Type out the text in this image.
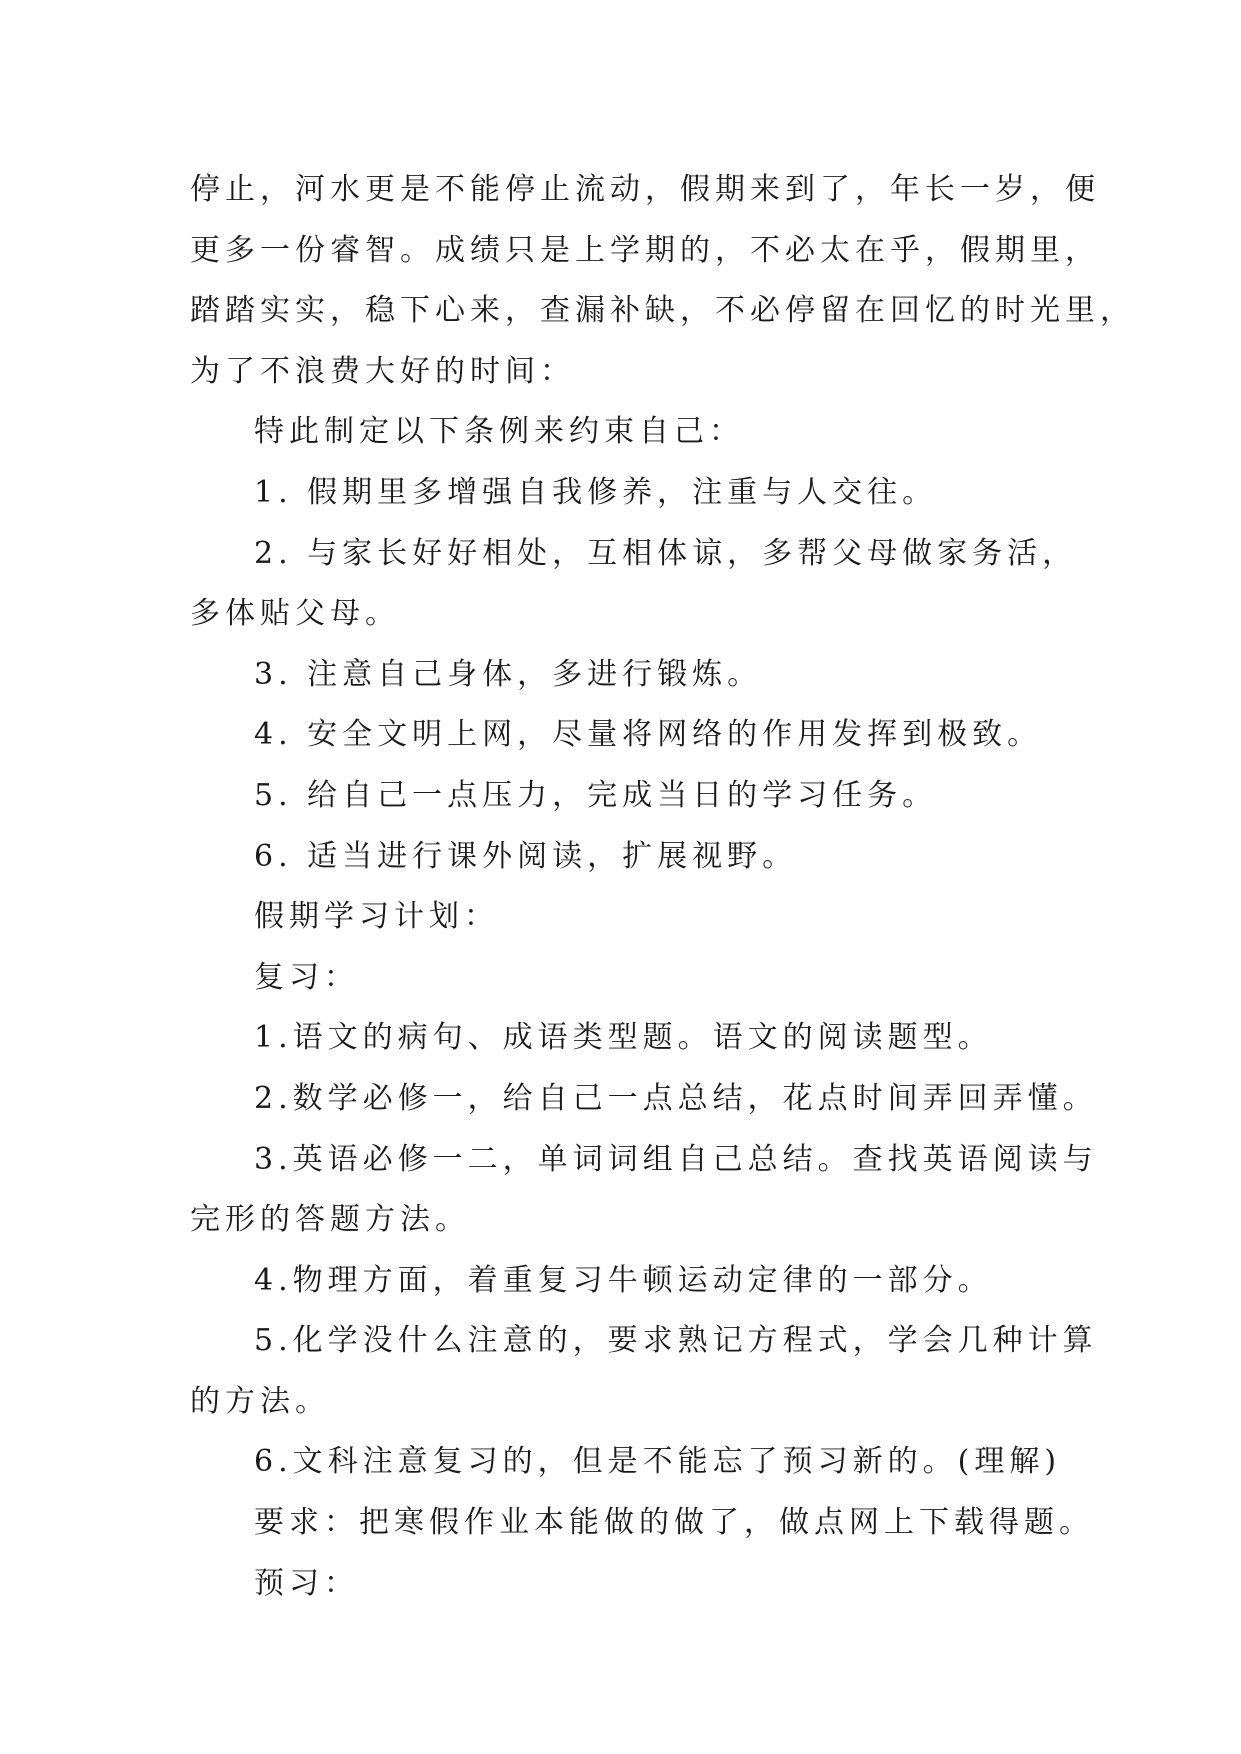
停止，河水更是不能停止流动，假期来到了，年长一岁，便
更多一份睿智。成绩只是上学期的，不必太在乎，假期里，
踏踏实实，稳下心来，查漏补缺，不必停留在回忆的时光里，
为了不浪费大好的时间：
特此制定以下条例来约束自己：
1. 假期里多增强自我修养，注重与人交往。
2. 与家长好好相处，互相体谅，多帮父母做家务活，
多体贴父母。
3. 注意自己身体，多进行锻炼。
4. 安全文明上网，尽量将网络的作用发挥到极致。
5. 给自己一点压力，完成当日的学习任务。
6. 适当进行课外阅读，扩展视野。
假期学习计划：
复习：
1.语文的病句、成语类型题。语文的阅读题型。
2.数学必修一，给自己一点总结，花点时间弄回弄懂。
3.英语必修一二，单词词组自己总结。查找英语阅读与
完形的答题方法。
4.物理方面，着重复习牛顿运动定律的一部分。
5.化学没什么注意的，要求熟记方程式，学会几种计算
的方法。
6.文科注意复习的，但是不能忘了预习新的。(理解)
要求：把寒假作业本能做的做了，做点网上下载得题。
预习：
